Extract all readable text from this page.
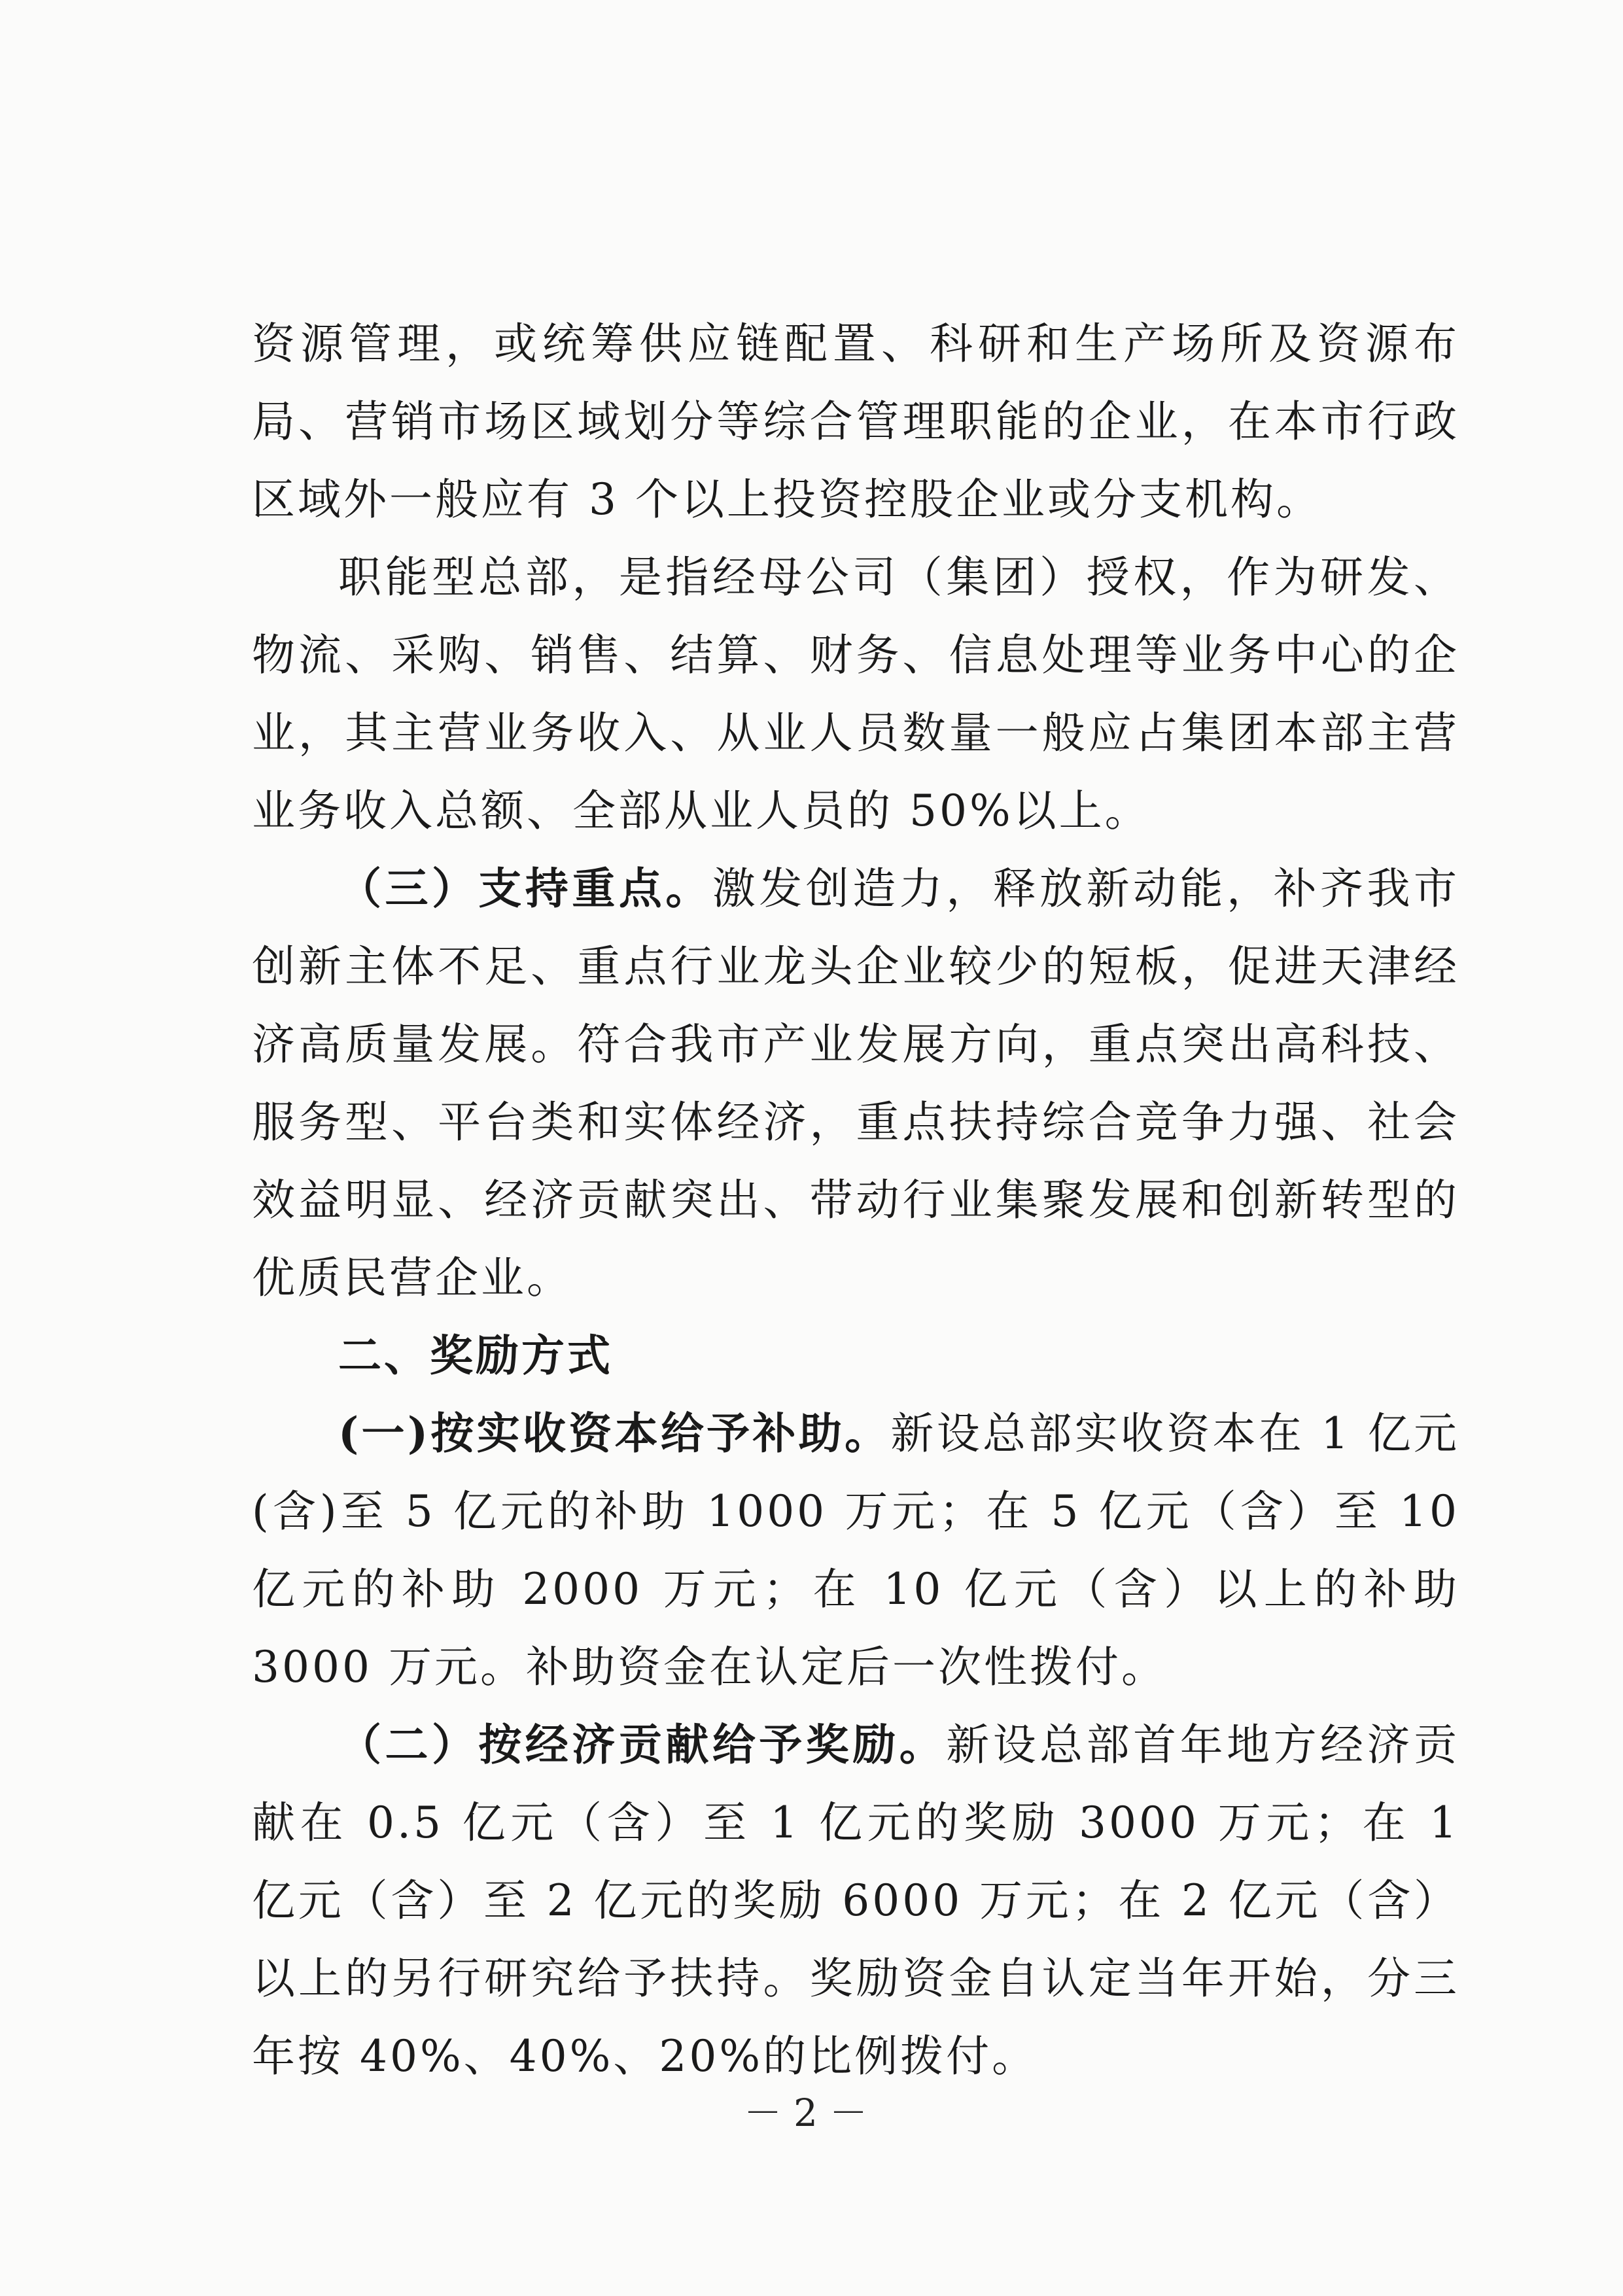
资源管理，或统筹供应链配置、科研和生产场所及资源布局、营销市场区域划分等综合管理职能的企业，在本市行政区域外一般应有 3 个以上投资控股企业或分支机构。

职能型总部，是指经母公司（集团）授权，作为研发、物流、采购、销售、结算、财务、信息处理等业务中心的企业，其主营业务收入、从业人员数量一般应占集团本部主营业务收入总额、全部从业人员的 50%以上。

（三）支持重点。激发创造力，释放新动能，补齐我市创新主体不足、重点行业龙头企业较少的短板，促进天津经济高质量发展。符合我市产业发展方向，重点突出高科技、服务型、平台类和实体经济，重点扶持综合竞争力强、社会效益明显、经济贡献突出、带动行业集聚发展和创新转型的优质民营企业。

二、奖励方式

(一)按实收资本给予补助。新设总部实收资本在 1 亿元(含)至 5 亿元的补助 1000 万元；在 5 亿元（含）至 10 亿元的补助 2000 万元；在 10 亿元（含）以上的补助 3000 万元。补助资金在认定后一次性拨付。

（二）按经济贡献给予奖励。新设总部首年地方经济贡献在 0.5 亿元（含）至 1 亿元的奖励 3000 万元；在 1 亿元（含）至 2 亿元的奖励 6000 万元；在 2 亿元（含）以上的另行研究给予扶持。奖励资金自认定当年开始，分三年按 40%、40%、20%的比例拨付。

－2－
